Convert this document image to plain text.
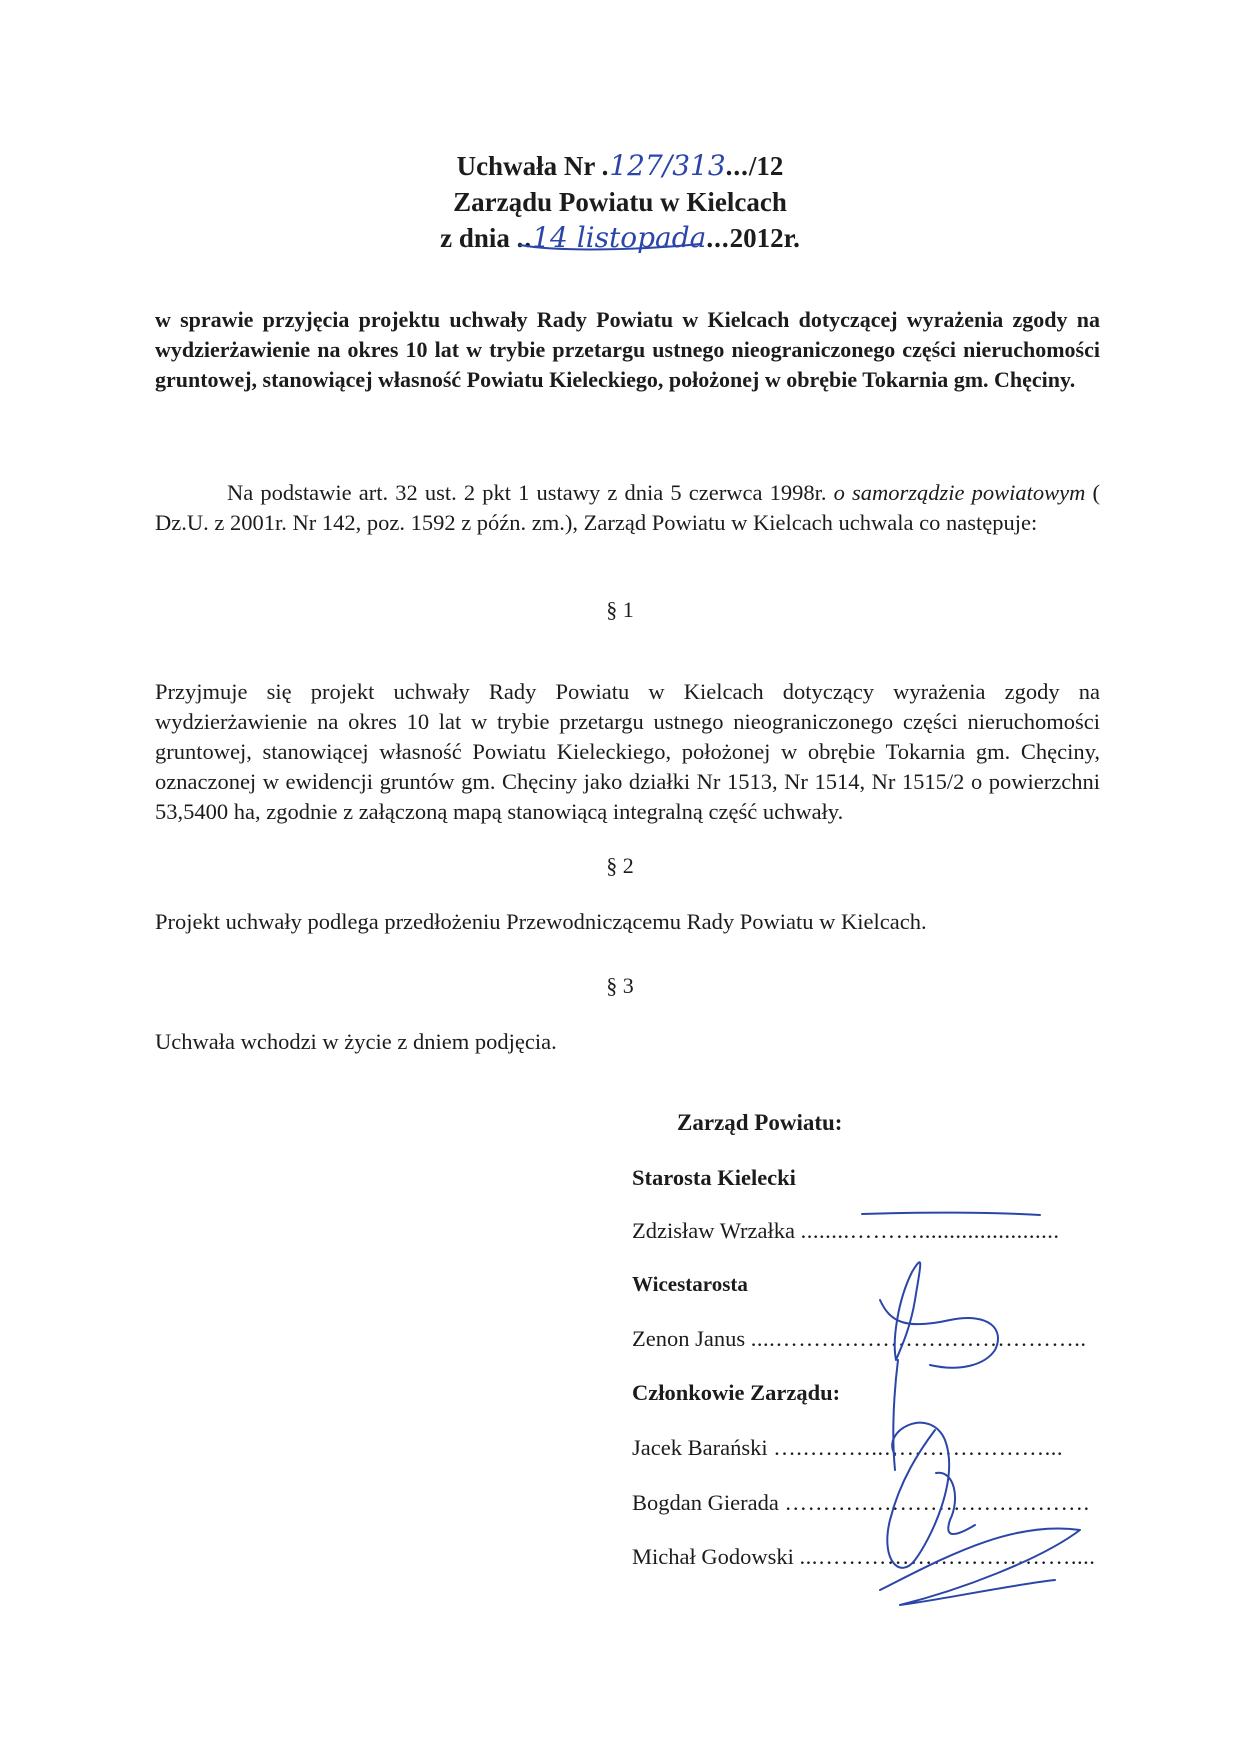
Uchwała Nr .127/313.../12
Zarządu Powiatu w Kielcach
z dnia ..14 listopada...2012r.
w sprawie przyjęcia projektu uchwały Rady Powiatu w Kielcach dotyczącej wyrażenia zgody na wydzierżawienie na okres 10 lat w trybie przetargu ustnego nieograniczonego części nieruchomości gruntowej, stanowiącej własność Powiatu Kieleckiego, położonej w obrębie Tokarnia gm. Chęciny.
Na podstawie art. 32 ust. 2 pkt 1 ustawy z dnia 5 czerwca 1998r. o samorządzie powiatowym ( Dz.U. z 2001r. Nr 142, poz. 1592 z późn. zm.), Zarząd Powiatu w Kielcach uchwala co następuje:
§ 1
Przyjmuje się projekt uchwały Rady Powiatu w Kielcach dotyczący wyrażenia zgody na wydzierżawienie na okres 10 lat w trybie przetargu ustnego nieograniczonego części nieruchomości gruntowej, stanowiącej własność Powiatu Kieleckiego, położonej w obrębie Tokarnia gm. Chęciny, oznaczonej w ewidencji gruntów gm. Chęciny jako działki Nr 1513, Nr 1514, Nr 1515/2 o powierzchni 53,5400 ha, zgodnie z załączoną mapą stanowiącą integralną część uchwały.
§ 2
Projekt uchwały podlega przedłożeniu Przewodniczącemu Rady Powiatu w Kielcach.
§ 3
Uchwała wchodzi w życie z dniem podjęcia.
Zarząd Powiatu:
Starosta Kielecki
Zdzisław Wrzałka ........……….......................
Wicestarosta
Zenon Janus ....…………………………………..
Członkowie Zarządu:
Jacek Barański ….………..…………………...
Bogdan Gierada ………………………………….
Michał Godowski ...……………………………....
